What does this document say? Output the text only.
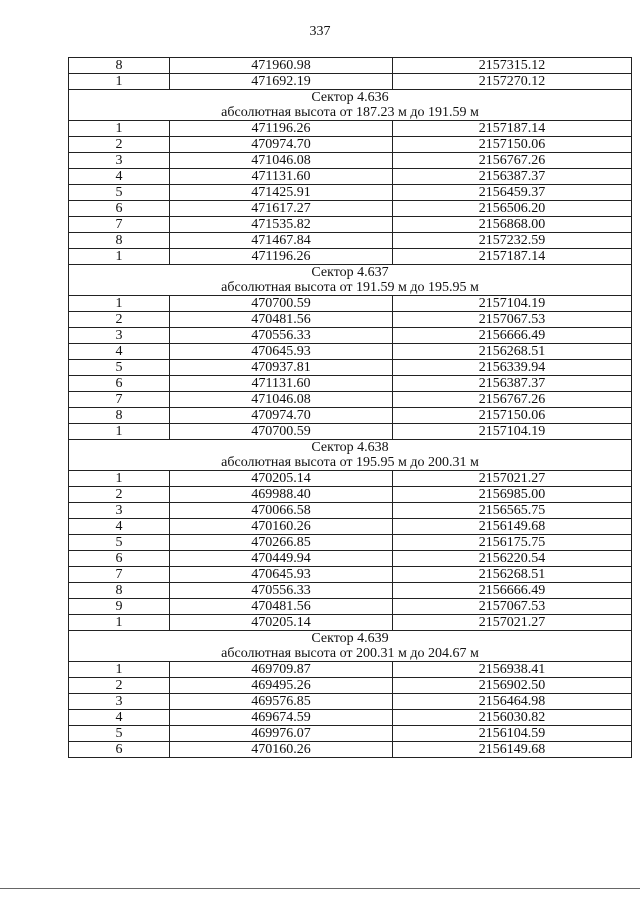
337
8	471960.98	2157315.12
1	471692.19	2157270.12
Сектор 4.636		
абсолютная высота от 187.23 м до 191.59 м		
1	471196.26	2157187.14
2	470974.70	2157150.06
3	471046.08	2156767.26
4	471131.60	2156387.37
5	471425.91	2156459.37
6	471617.27	2156506.20
7	471535.82	2156868.00
8	471467.84	2157232.59
1	471196.26	2157187.14
Сектор 4.637		
абсолютная высота от 191.59 м до 195.95 м		
1	470700.59	2157104.19
2	470481.56	2157067.53
3	470556.33	2156666.49
4	470645.93	2156268.51
5	470937.81	2156339.94
6	471131.60	2156387.37
7	471046.08	2156767.26
8	470974.70	2157150.06
1	470700.59	2157104.19
Сектор 4.638		
абсолютная высота от 195.95 м до 200.31 м		
1	470205.14	2157021.27
2	469988.40	2156985.00
3	470066.58	2156565.75
4	470160.26	2156149.68
5	470266.85	2156175.75
6	470449.94	2156220.54
7	470645.93	2156268.51
8	470556.33	2156666.49
9	470481.56	2157067.53
1	470205.14	2157021.27
Сектор 4.639		
абсолютная высота от 200.31 м до 204.67 м		
1	469709.87	2156938.41
2	469495.26	2156902.50
3	469576.85	2156464.98
4	469674.59	2156030.82
5	469976.07	2156104.59
6	470160.26	2156149.68
